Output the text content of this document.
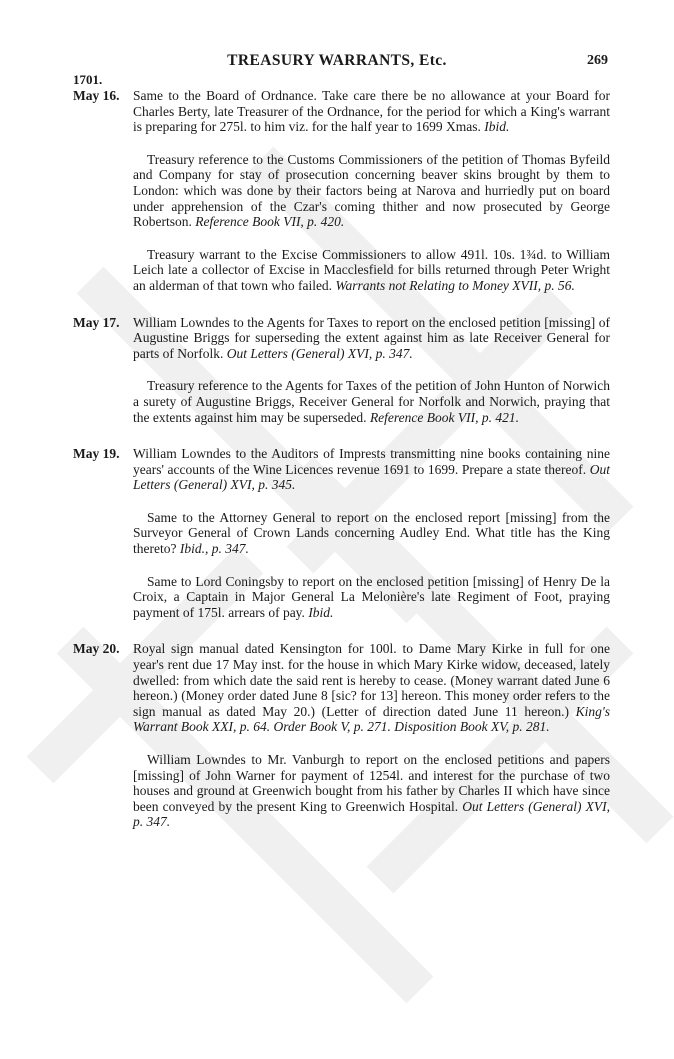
TREASURY WARRANTS, Etc.	269
1701.
May 16. Same to the Board of Ordnance. Take care there be no allowance at your Board for Charles Berty, late Treasurer of the Ordnance, for the period for which a King's warrant is preparing for 275l. to him viz. for the half year to 1699 Xmas. Ibid.
Treasury reference to the Customs Commissioners of the petition of Thomas Byfeild and Company for stay of prosecution concerning beaver skins brought by them to London: which was done by their factors being at Narova and hurriedly put on board under apprehension of the Czar's coming thither and now prosecuted by George Robertson. Reference Book VII, p. 420.
Treasury warrant to the Excise Commissioners to allow 491l. 10s. 1¾d. to William Leich late a collector of Excise in Macclesfield for bills returned through Peter Wright an alderman of that town who failed. Warrants not Relating to Money XVII, p. 56.
May 17. William Lowndes to the Agents for Taxes to report on the enclosed petition [missing] of Augustine Briggs for superseding the extent against him as late Receiver General for parts of Norfolk. Out Letters (General) XVI, p. 347.
Treasury reference to the Agents for Taxes of the petition of John Hunton of Norwich a surety of Augustine Briggs, Receiver General for Norfolk and Norwich, praying that the extents against him may be superseded. Reference Book VII, p. 421.
May 19. William Lowndes to the Auditors of Imprests transmitting nine books containing nine years' accounts of the Wine Licences revenue 1691 to 1699. Prepare a state thereof. Out Letters (General) XVI, p. 345.
Same to the Attorney General to report on the enclosed report [missing] from the Surveyor General of Crown Lands concerning Audley End. What title has the King thereto? Ibid., p. 347.
Same to Lord Coningsby to report on the enclosed petition [missing] of Henry De la Croix, a Captain in Major General La Melonière's late Regiment of Foot, praying payment of 175l. arrears of pay. Ibid.
May 20. Royal sign manual dated Kensington for 100l. to Dame Mary Kirke in full for one year's rent due 17 May inst. for the house in which Mary Kirke widow, deceased, lately dwelled: from which date the said rent is hereby to cease. (Money warrant dated June 6 hereon.) (Money order dated June 8 [sic? for 13] hereon. This money order refers to the sign manual as dated May 20.) (Letter of direction dated June 11 hereon.) King's Warrant Book XXI, p. 64. Order Book V, p. 271. Disposition Book XV, p. 281.
William Lowndes to Mr. Vanburgh to report on the enclosed petitions and papers [missing] of John Warner for payment of 1254l. and interest for the purchase of two houses and ground at Greenwich bought from his father by Charles II which have since been conveyed by the present King to Greenwich Hospital. Out Letters (General) XVI, p. 347.
